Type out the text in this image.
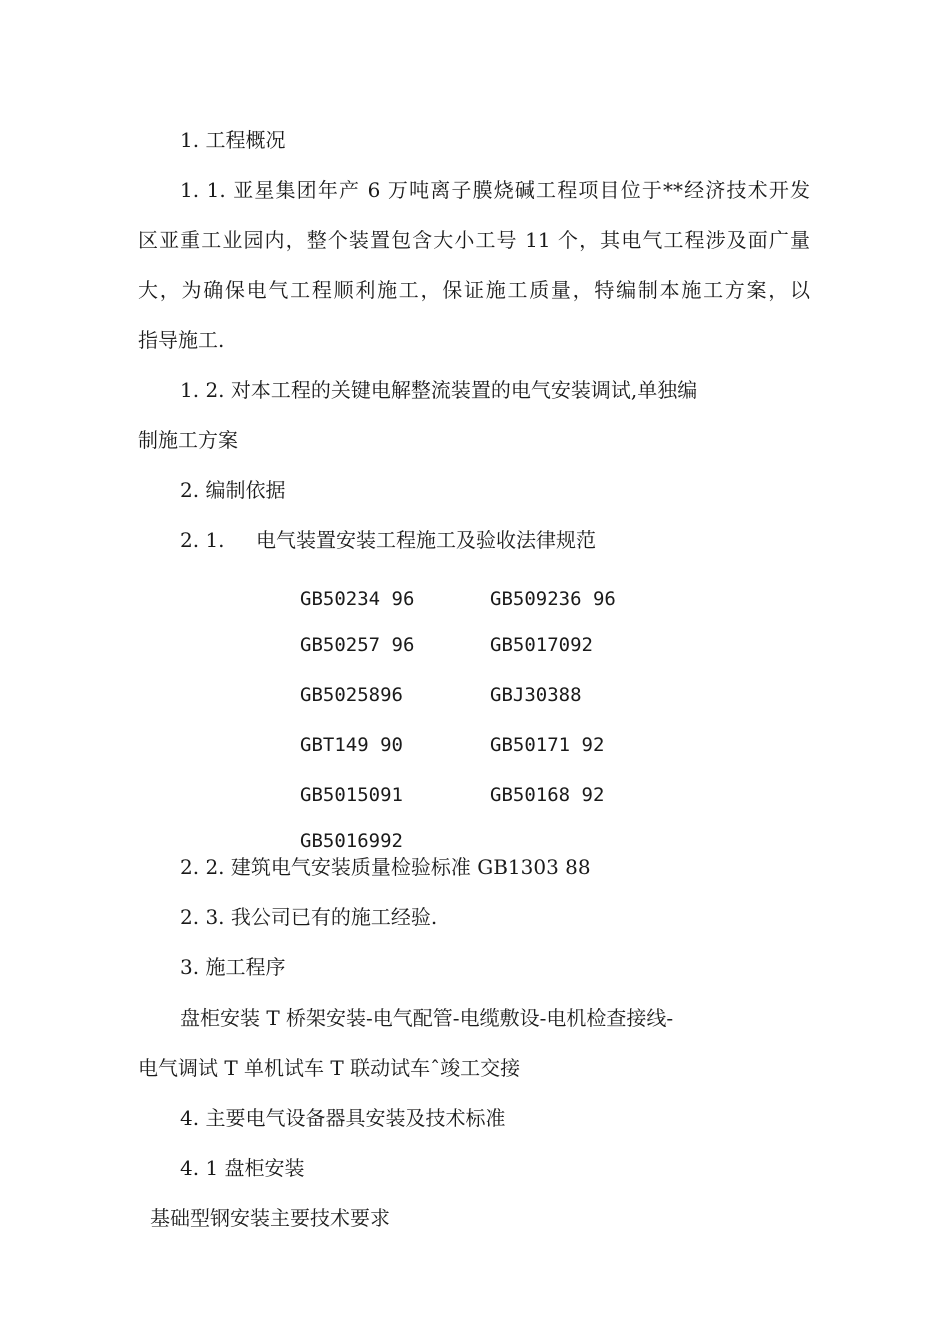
1. 工程概况
1. 1. 亚星集团年产 6 万吨离子膜烧碱工程项目位于**经济技术开发
区亚重工业园内，整个装置包含大小工号 11 个，其电气工程涉及面广量
大，为确保电气工程顺利施工，保证施工质量，特编制本施工方案，以
指导施工.
1. 2. 对本工程的关键电解整流装置的电气安装调试,单独编
制施工方案
2. 编制依据
2. 1. 电气装置安装工程施工及验收法律规范
GB50234 96	GB509236 96
GB50257 96	GB5017092
GB5025896	GBJ30388
GBT149 90	GB50171 92
GB5015091	GB50168 92
GB5016992
2. 2. 建筑电气安装质量检验标准 GB1303 88
2. 3. 我公司已有的施工经验.
3. 施工程序
盘柜安装 T 桥架安装-电气配管-电缆敷设-电机检查接线-
电气调试 T 单机试车 T 联动试车ˆ竣工交接
4. 主要电气设备器具安装及技术标准
4. 1 盘柜安装
基础型钢安装主要技术要求
